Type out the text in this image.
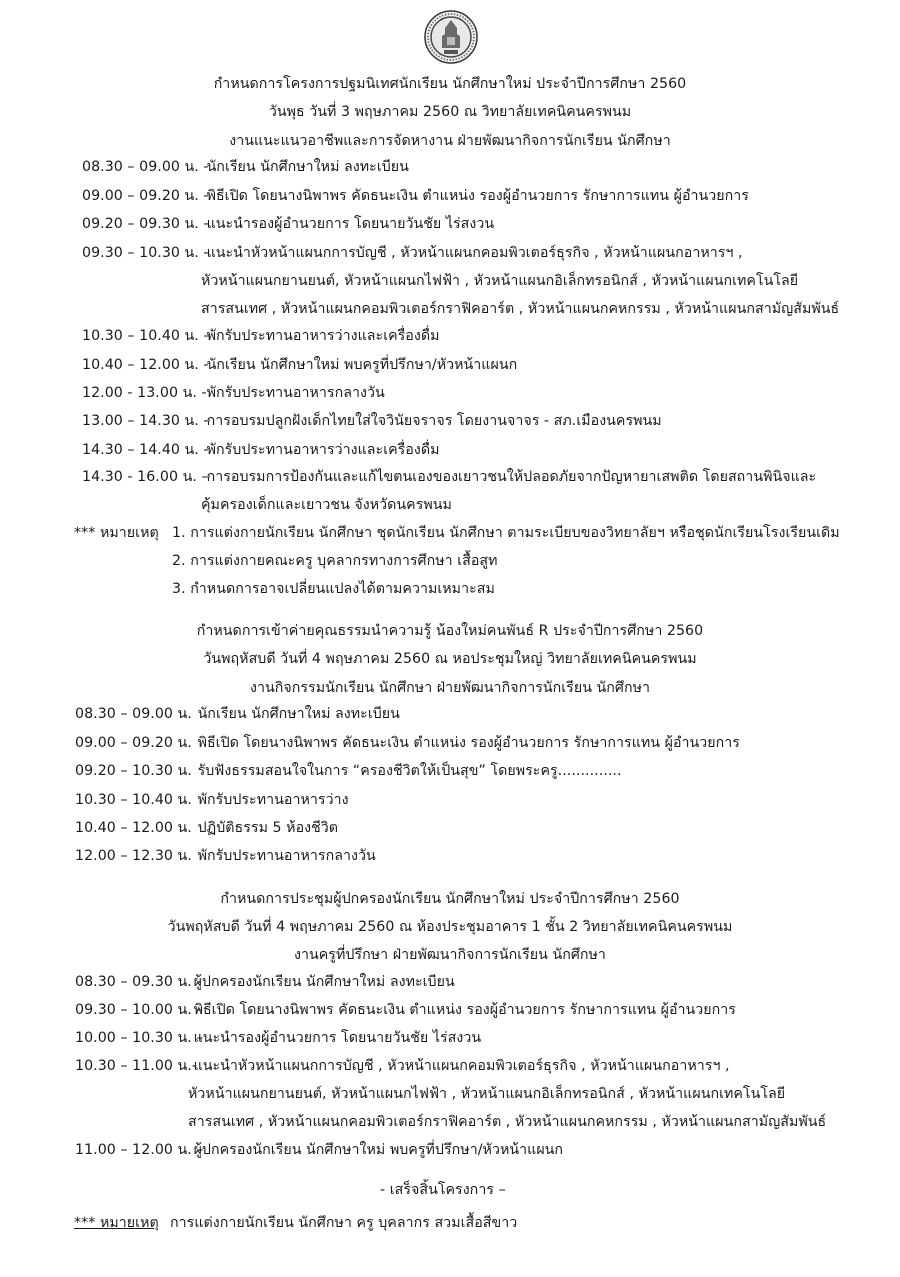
กำหนดการโครงการปฐมนิเทศนักเรียน นักศึกษาใหม่ ประจำปีการศึกษา 2560
วันพุธ วันที่ 3 พฤษภาคม 2560 ณ วิทยาลัยเทคนิคนครพนม
งานแนะแนวอาชีพและการจัดหางาน ฝ่ายพัฒนากิจการนักเรียน นักศึกษา
08.30 – 09.00 น. - นักเรียน นักศึกษาใหม่ ลงทะเบียน
09.00 – 09.20 น. - พิธีเปิด โดยนางนิพาพร คัดธนะเงิน ตำแหน่ง รองผู้อำนวยการ รักษาการแทน ผู้อำนวยการ
09.20 – 09.30 น. - แนะนำรองผู้อำนวยการ โดยนายวันชัย ไร่สงวน
09.30 – 10.30 น. - แนะนำหัวหน้าแผนกการบัญชี , หัวหน้าแผนกคอมพิวเตอร์ธุรกิจ , หัวหน้าแผนกอาหารฯ ,
หัวหน้าแผนกยานยนต์, หัวหน้าแผนกไฟฟ้า , หัวหน้าแผนกอิเล็กทรอนิกส์ , หัวหน้าแผนกเทคโนโลยี
สารสนเทศ , หัวหน้าแผนกคอมพิวเตอร์กราฟิคอาร์ต , หัวหน้าแผนกคหกรรม , หัวหน้าแผนกสามัญสัมพันธ์
10.30 – 10.40 น. – พักรับประทานอาหารว่างและเครื่องดื่ม
10.40 – 12.00 น. - นักเรียน นักศึกษาใหม่ พบครูที่ปรึกษา/หัวหน้าแผนก
12.00 - 13.00 น. - พักรับประทานอาหารกลางวัน
13.00 – 14.30 น. - การอบรมปลูกฝังเด็กไทยใส่ใจวินัยจราจร โดยงานจาจร - สภ.เมืองนครพนม
14.30 – 14.40 น. - พักรับประทานอาหารว่างและเครื่องดื่ม
14.30 - 16.00 น. – การอบรมการป้องกันและแก้ไขตนเองของเยาวชนให้ปลอดภัยจากปัญหายาเสพติด โดยสถานพินิจและ
คุ้มครองเด็กและเยาวชน จังหวัดนครพนม
*** หมายเหตุ 1. การแต่งกายนักเรียน นักศึกษา ชุดนักเรียน นักศึกษา ตามระเบียบของวิทยาลัยฯ หรือชุดนักเรียนโรงเรียนเดิม
2. การแต่งกายคณะครู บุคลากรทางการศึกษา เสื้อสูท
3. กำหนดการอาจเปลี่ยนแปลงได้ตามความเหมาะสม
กำหนดการเข้าค่ายคุณธรรมนำความรู้ น้องใหม่คนพันธ์ R ประจำปีการศึกษา 2560
วันพฤหัสบดี วันที่ 4 พฤษภาคม 2560 ณ หอประชุมใหญ่ วิทยาลัยเทคนิคนครพนม
งานกิจกรรมนักเรียน นักศึกษา ฝ่ายพัฒนากิจการนักเรียน นักศึกษา
08.30 – 09.00 น. นักเรียน นักศึกษาใหม่ ลงทะเบียน
09.00 – 09.20 น. พิธีเปิด โดยนางนิพาพร คัดธนะเงิน ตำแหน่ง รองผู้อำนวยการ รักษาการแทน ผู้อำนวยการ
09.20 – 10.30 น. รับฟังธรรมสอนใจในการ “ครองชีวิตให้เป็นสุข” โดยพระครู..............
10.30 – 10.40 น. พักรับประทานอาหารว่าง
10.40 – 12.00 น. ปฏิบัติธรรม 5 ห้องชีวิต
12.00 – 12.30 น. พักรับประทานอาหารกลางวัน
กำหนดการประชุมผู้ปกครองนักเรียน นักศึกษาใหม่ ประจำปีการศึกษา 2560
วันพฤหัสบดี วันที่ 4 พฤษภาคม 2560 ณ ห้องประชุมอาคาร 1 ชั้น 2 วิทยาลัยเทคนิคนครพนม
งานครูที่ปรึกษา ฝ่ายพัฒนากิจการนักเรียน นักศึกษา
08.30 – 09.30 น. - ผู้ปกครองนักเรียน นักศึกษาใหม่ ลงทะเบียน
09.30 – 10.00 น. - พิธีเปิด โดยนางนิพาพร คัดธนะเงิน ตำแหน่ง รองผู้อำนวยการ รักษาการแทน ผู้อำนวยการ
10.00 – 10.30 น. – แนะนำรองผู้อำนวยการ โดยนายวันชัย ไร่สงวน
10.30 – 11.00 น.- แนะนำหัวหน้าแผนกการบัญชี , หัวหน้าแผนกคอมพิวเตอร์ธุรกิจ , หัวหน้าแผนกอาหารฯ ,
หัวหน้าแผนกยานยนต์, หัวหน้าแผนกไฟฟ้า , หัวหน้าแผนกอิเล็กทรอนิกส์ , หัวหน้าแผนกเทคโนโลยี
สารสนเทศ , หัวหน้าแผนกคอมพิวเตอร์กราฟิคอาร์ต , หัวหน้าแผนกคหกรรม , หัวหน้าแผนกสามัญสัมพันธ์
11.00 – 12.00 น. – ผู้ปกครองนักเรียน นักศึกษาใหม่ พบครูที่ปรึกษา/หัวหน้าแผนก
- เสร็จสิ้นโครงการ –
*** หมายเหตุ การแต่งกายนักเรียน นักศึกษา ครู บุคลากร สวมเสื้อสีขาว
